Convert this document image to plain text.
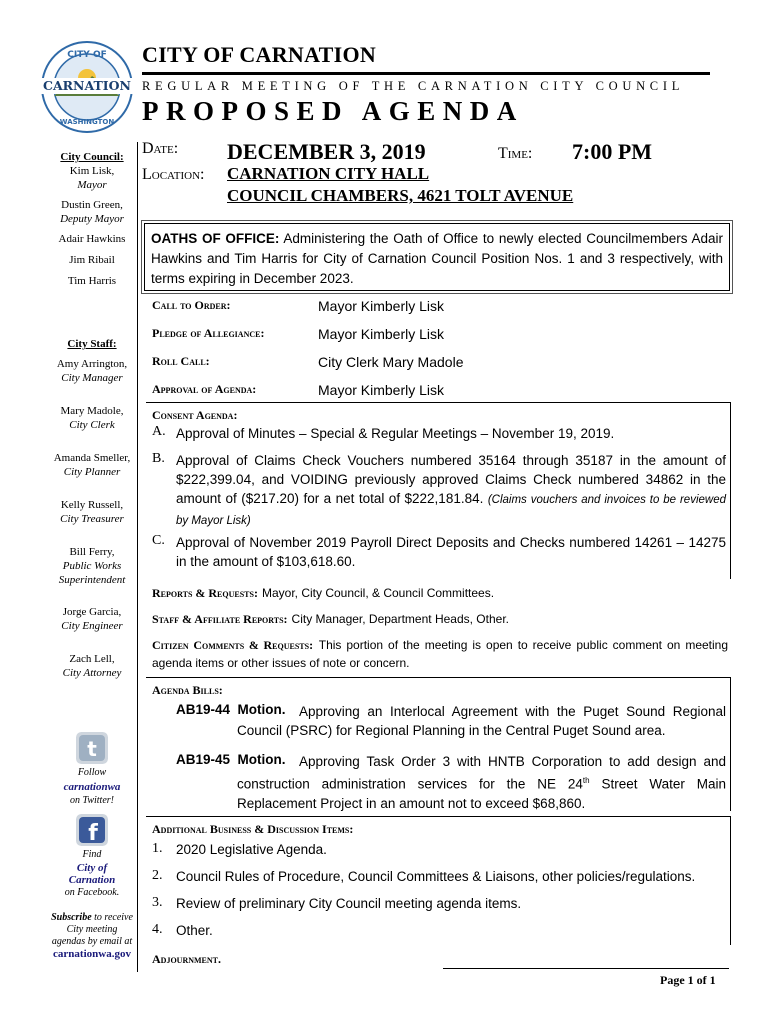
CITY OF
CARNATION
WASHINGTON
CITY OF CARNATION
REGULAR MEETING OF THE CARNATION CITY COUNCIL
PROPOSED AGENDA
City Council:
Kim Lisk,
Mayor
Dustin Green,
Deputy Mayor
Adair Hawkins
Jim Ribail
Tim Harris
City Staff:
Amy Arrington,
City Manager
Mary Madole,
City Clerk
Amanda Smeller,
City Planner
Kelly Russell,
City Treasurer
Bill Ferry,
Public Works Superintendent
Jorge Garcia,
City Engineer
Zach Lell,
City Attorney
t
Follow
carnationwa
on Twitter!
f
Find
City of Carnation
on Facebook.
Subscribe to receive City meeting agendas by email at
carnationwa.gov
Date: DECEMBER 3, 2019	Time: 7:00 PM
Location: CARNATION CITY HALL
COUNCIL CHAMBERS, 4621 TOLT AVENUE
OATHS OF OFFICE: Administering the Oath of Office to newly elected Councilmembers Adair Hawkins and Tim Harris for City of Carnation Council Position Nos. 1 and 3 respectively, with terms expiring in December 2023.
Call to Order:	Mayor Kimberly Lisk
Pledge of Allegiance:	Mayor Kimberly Lisk
Roll Call:	City Clerk Mary Madole
Approval of Agenda:	Mayor Kimberly Lisk
Consent Agenda:
A. Approval of Minutes – Special & Regular Meetings – November 19, 2019.
B. Approval of Claims Check Vouchers numbered 35164 through 35187 in the amount of $222,399.04, and VOIDING previously approved Claims Check numbered 34862 in the amount of ($217.20) for a net total of $222,181.84. (Claims vouchers and invoices to be reviewed by Mayor Lisk)
C. Approval of November 2019 Payroll Direct Deposits and Checks numbered 14261 – 14275 in the amount of $103,618.60.
Reports & Requests: Mayor, City Council, & Council Committees.
Staff & Affiliate Reports: City Manager, Department Heads, Other.
Citizen Comments & Requests: This portion of the meeting is open to receive public comment on meeting agenda items or other issues of note or concern.
Agenda Bills:
AB19-44 Motion. Approving an Interlocal Agreement with the Puget Sound Regional Council (PSRC) for Regional Planning in the Central Puget Sound area.
AB19-45 Motion. Approving Task Order 3 with HNTB Corporation to add design and construction administration services for the NE 24th Street Water Main Replacement Project in an amount not to exceed $68,860.
Additional Business & Discussion Items:
1. 2020 Legislative Agenda.
2. Council Rules of Procedure, Council Committees & Liaisons, other policies/regulations.
3. Review of preliminary City Council meeting agenda items.
4. Other.
Adjournment.
Page 1 of 1
